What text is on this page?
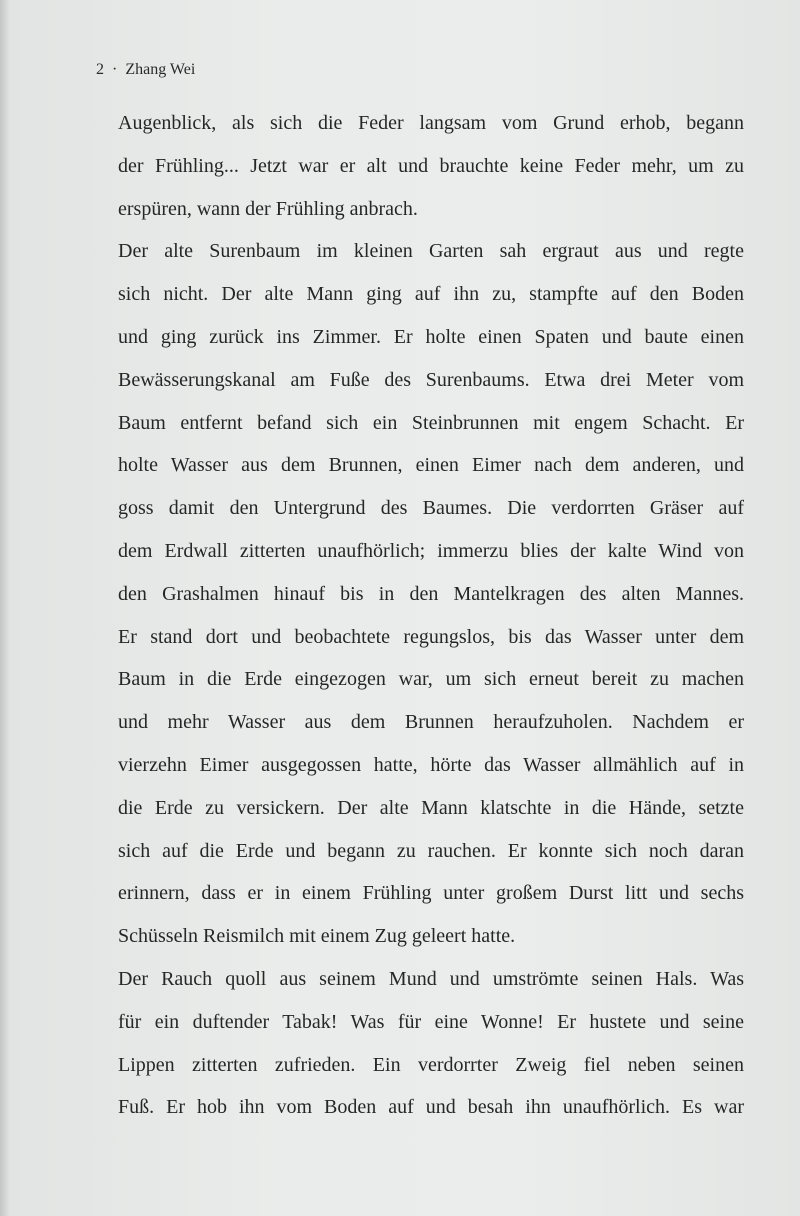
2 · Zhang Wei
Augenblick, als sich die Feder langsam vom Grund erhob, begann
der Frühling... Jetzt war er alt und brauchte keine Feder mehr, um zu
erspüren, wann der Frühling anbrach.
Der alte Surenbaum im kleinen Garten sah ergraut aus und regte
sich nicht. Der alte Mann ging auf ihn zu, stampfte auf den Boden
und ging zurück ins Zimmer. Er holte einen Spaten und baute einen
Bewässerungskanal am Fuße des Surenbaums. Etwa drei Meter vom
Baum entfernt befand sich ein Steinbrunnen mit engem Schacht. Er
holte Wasser aus dem Brunnen, einen Eimer nach dem anderen, und
goss damit den Untergrund des Baumes. Die verdorrten Gräser auf
dem Erdwall zitterten unaufhörlich; immerzu blies der kalte Wind von
den Grashalmen hinauf bis in den Mantelkragen des alten Mannes.
Er stand dort und beobachtete regungslos, bis das Wasser unter dem
Baum in die Erde eingezogen war, um sich erneut bereit zu machen
und mehr Wasser aus dem Brunnen heraufzuholen. Nachdem er
vierzehn Eimer ausgegossen hatte, hörte das Wasser allmählich auf in
die Erde zu versickern. Der alte Mann klatschte in die Hände, setzte
sich auf die Erde und begann zu rauchen. Er konnte sich noch daran
erinnern, dass er in einem Frühling unter großem Durst litt und sechs
Schüsseln Reismilch mit einem Zug geleert hatte.
Der Rauch quoll aus seinem Mund und umströmte seinen Hals. Was
für ein duftender Tabak! Was für eine Wonne! Er hustete und seine
Lippen zitterten zufrieden. Ein verdorrter Zweig fiel neben seinen
Fuß. Er hob ihn vom Boden auf und besah ihn unaufhörlich. Es war
